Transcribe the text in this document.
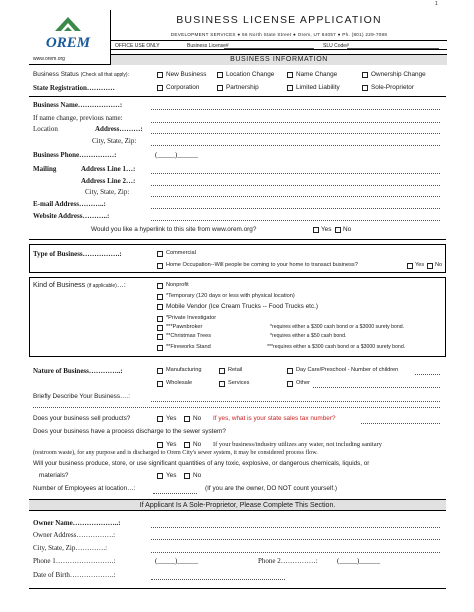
1
OREM
www.orem.org
BUSINESS LICENSE APPLICATION
DEVELOPMENT SERVICES ● 56 North State Street ● Orem, UT 84057 ● Ph. (801) 229-7088
OFFICE USE ONLY	Business License#	SLU Code#
BUSINESS INFORMATION
Business Status (Check all that apply):	New Business	Location Change	Name Change	Ownership Change
State Registration…………	Corporation	Partnership	Limited Liability	Sole-Proprietor
Business Name………………:
If name change, previous name:
Location	Address………:
City, State, Zip:
Business Phone……………:	(_____)______
Mailing	Address Line 1…:
Address Line 2…:
City, State, Zip:
E-mail Address………..:
Website Address………..:
Would you like a hyperlink to this site from www.orem.org?	Yes No
Type of Business…………….:	Commercial
Home Occupation--Will people be coming to your home to transact business?	Yes No
Kind of Business (if applicable)…:	Nonprofit
*Temporary (120 days or less with physical location)
Mobile Vendor (Ice Cream Trucks -- Food Trucks etc.)
*Private Investigator
***Pawnbroker	*requires either a $300 cash bond or a $3000 surety bond.
**Christmas Trees	*requires either a $50 cash bond.
**Fireworks Stand	***requires either a $300 cash bond or a $3000 surety bond.
Nature of Business…………..:	Manufacturing	Retail	Day Care/Preschool - Number of children
Wholesale	Services	Other
Briefly Describe Your Business….:
Does your business sell products?	Yes	No If yes, what is your state sales tax number?
Does your business have a process discharge to the sewer system?
Yes	No If your business/industry utilizes any water, not including sanitary
(restroom waste), for any purpose and is discharged to Orem City's sewer system, it may be considered process flow.
Will your business produce, store, or use significant quantities of any toxic, explosive, or dangerous chemicals, liquids, or
materials?	Yes	No
Number of Employees at location…:	(If you are the owner, DO NOT count yourself.)
If Applicant Is A Sole-Proprietor, Please Complete This Section.
Owner Name………………..:
Owner Address…………….:
City, State, Zip………….:
Phone 1…………………….:	(_____)______	Phone 2……………:	(_____)______
Date of Birth……………….:
